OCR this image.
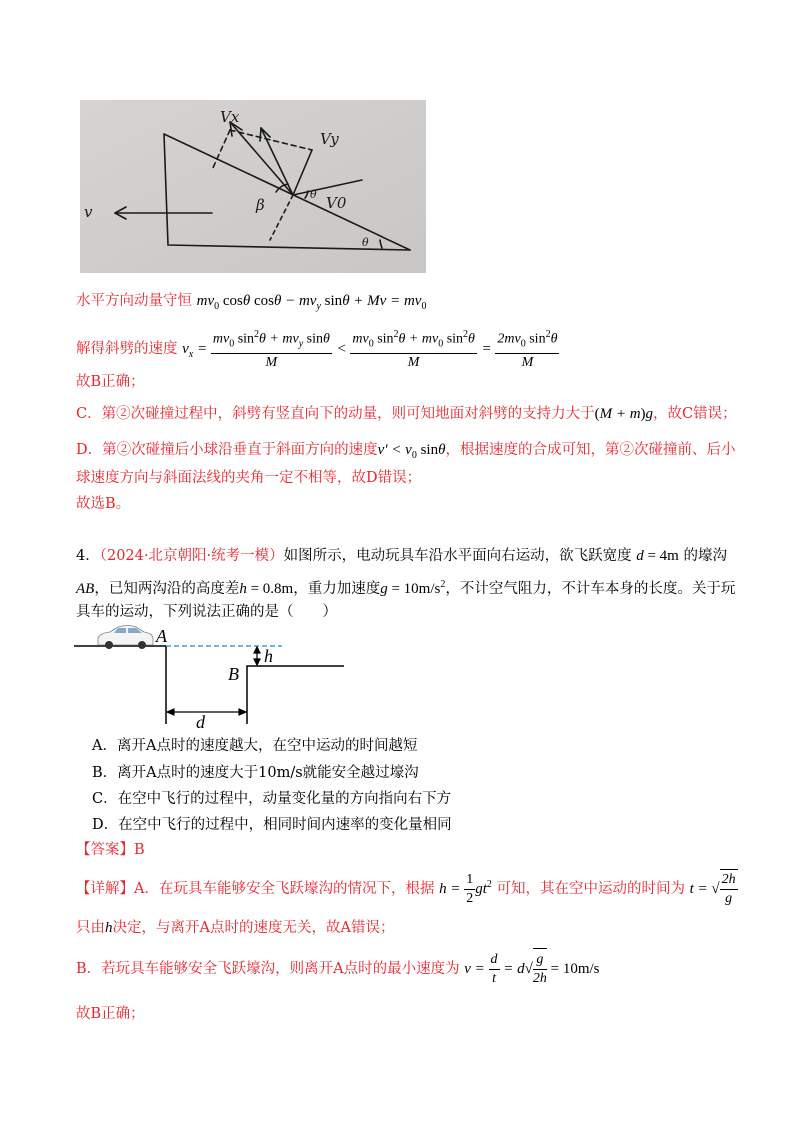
Vx
Vy
v	V0
β
θ
θ
水平方向动量守恒 $mv_0$ cosθ $\cos\theta - mv_y$ $\sin\theta + Mv = mv_0$
解得斜劈的速度 $v_x = \frac{mv_0 \sin^2\theta + mv_y \sin\theta}{M} < \frac{mv_0 \sin^2\theta + mv_0 \sin^2\theta}{M} = \frac{2mv_0 \sin^2\theta}{M}$
故B正确；
C．第②次碰撞过程中，斜劈有竖直向下的动量，则可知地面对斜劈的支持力大于(M + m)g，故C错误；
D．第②次碰撞后小球沿垂直于斜面方向的速度$v' < v_0$ sinθ，根据速度的合成可知，第②次碰撞前、后小
球速度方向与斜面法线的夹角一定不相等，故D错误；
故选B。
4．（2024·北京朝阳·统考一模）如图所示，电动玩具车沿水平面向右运动，欲飞跃宽度 d = 4m 的壕沟
AB，已知两沟沿的高度差h = 0.8m，重力加速度$g = 10m/s^2$，不计空气阻力，不计车本身的长度。关于玩
具车的运动，下列说法正确的是（　　）
A
B
h
d
A．离开A点时的速度越大，在空中运动的时间越短
B．离开A点时的速度大于10m/s就能安全越过壕沟
C．在空中飞行的过程中，动量变化量的方向指向右下方
D．在空中飞行的过程中，相同时间内速率的变化量相同
【答案】B
【详解】A．在玩具车能够安全飞跃壕沟的情况下，根据 $h = \frac{1}{2} gt^2$ 可知，其在空中运动的时间为 t = √ $\frac{2h}{g}$
只由h决定，与离开A点时的速度无关，故A错误；
B．若玩具车能够安全飞跃壕沟，则离开A点时的最小速度为 $v = \frac{d}{t} = d√ \frac{g}{2h} = 10m/s$
故B正确；
